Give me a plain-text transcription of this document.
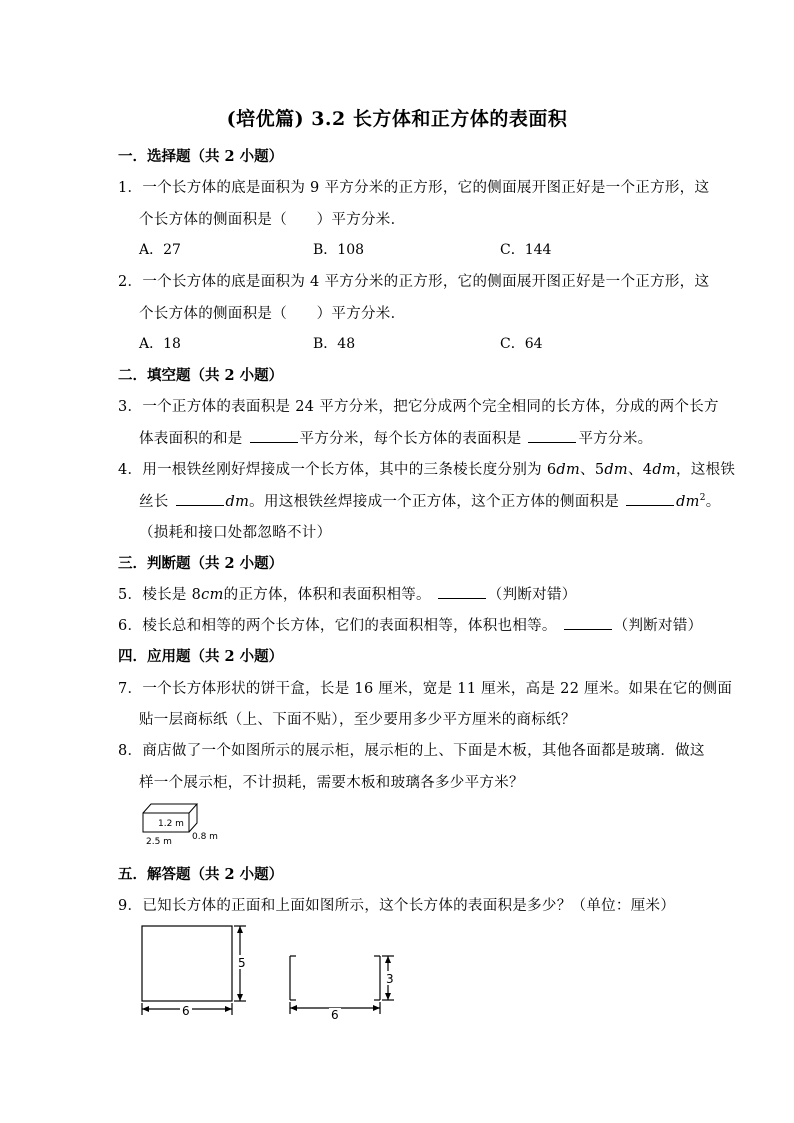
(培优篇) 3.2 长方体和正方体的表面积
一．选择题（共 2 小题）
1．一个长方体的底是面积为 9 平方分米的正方形，它的侧面展开图正好是一个正方形，这
个长方体的侧面积是（　　）平方分米．
A．27	B．108	C．144
2．一个长方体的底是面积为 4 平方分米的正方形，它的侧面展开图正好是一个正方形，这
个长方体的侧面积是（　　）平方分米．
A．18	B．48	C．64
二．填空题（共 2 小题）
3．一个正方体的表面积是 24 平方分米，把它分成两个完全相同的长方体，分成的两个长方
体表面积的和是	平方分米，每个长方体的表面积是	平方分米。
4．用一根铁丝刚好焊接成一个长方体，其中的三条棱长度分别为 6dm、5dm、4dm，这根铁
丝长	dm。用这根铁丝焊接成一个正方体，这个正方体的侧面积是	$dm^2$。
（损耗和接口处都忽略不计）
三．判断题（共 2 小题）
5．棱长是 8cm的正方体，体积和表面积相等。	（判断对错）
6．棱长总和相等的两个长方体，它们的表面积相等，体积也相等。	（判断对错）
四．应用题（共 2 小题）
7．一个长方体形状的饼干盒，长是 16 厘米，宽是 11 厘米，高是 22 厘米。如果在它的侧面
贴一层商标纸（上、下面不贴），至少要用多少平方厘米的商标纸？
8．商店做了一个如图所示的展示柜，展示柜的上、下面是木板，其他各面都是玻璃．做这
样一个展示柜，不计损耗，需要木板和玻璃各多少平方米？
1.2 m
2.5 m 0.8 m
五．解答题（共 2 小题）
9．已知长方体的正面和上面如图所示，这个长方体的表面积是多少？（单位：厘米）
5
6
3
6
